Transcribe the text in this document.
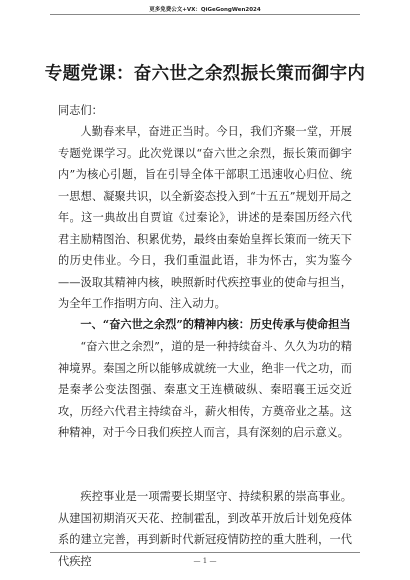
更多免费公文+VX：QiGeGongWen2024
专题党课：奋六世之余烈振长策而御宇内
同志们：

人勤春来早，奋进正当时。今日，我们齐聚一堂，开展专题党课学习。此次党课以“奋六世之余烈，振长策而御宇内”为核心引题，旨在引导全体干部职工迅速收心归位、统一思想、凝聚共识，以全新姿态投入到“十五五”规划开局之年。这一典故出自贾谊《过秦论》，讲述的是秦国历经六代君主励精图治、积累优势，最终由秦始皇挥长策而一统天下的历史伟业。今日，我们重温此语，非为怀古，实为鉴今——汲取其精神内核，映照新时代疾控事业的使命与担当，为全年工作指明方向、注入动力。

一、“奋六世之余烈”的精神内核：历史传承与使命担当

“奋六世之余烈”，道的是一种持续奋斗、久久为功的精神境界。秦国之所以能够成就统一大业，绝非一代之功，而是秦孝公变法图强、秦惠文王连横破纵、秦昭襄王远交近攻，历经六代君主持续奋斗，薪火相传，方奠帝业之基。这种精神，对于今日我们疾控人而言，具有深刻的启示意义。

疾控事业是一项需要长期坚守、持续积累的崇高事业。从建国初期消灭天花、控制霍乱，到改革开放后计划免疫体系的建立完善，再到新时代新冠疫情防控的重大胜利，一代代疾控	— 1 —
